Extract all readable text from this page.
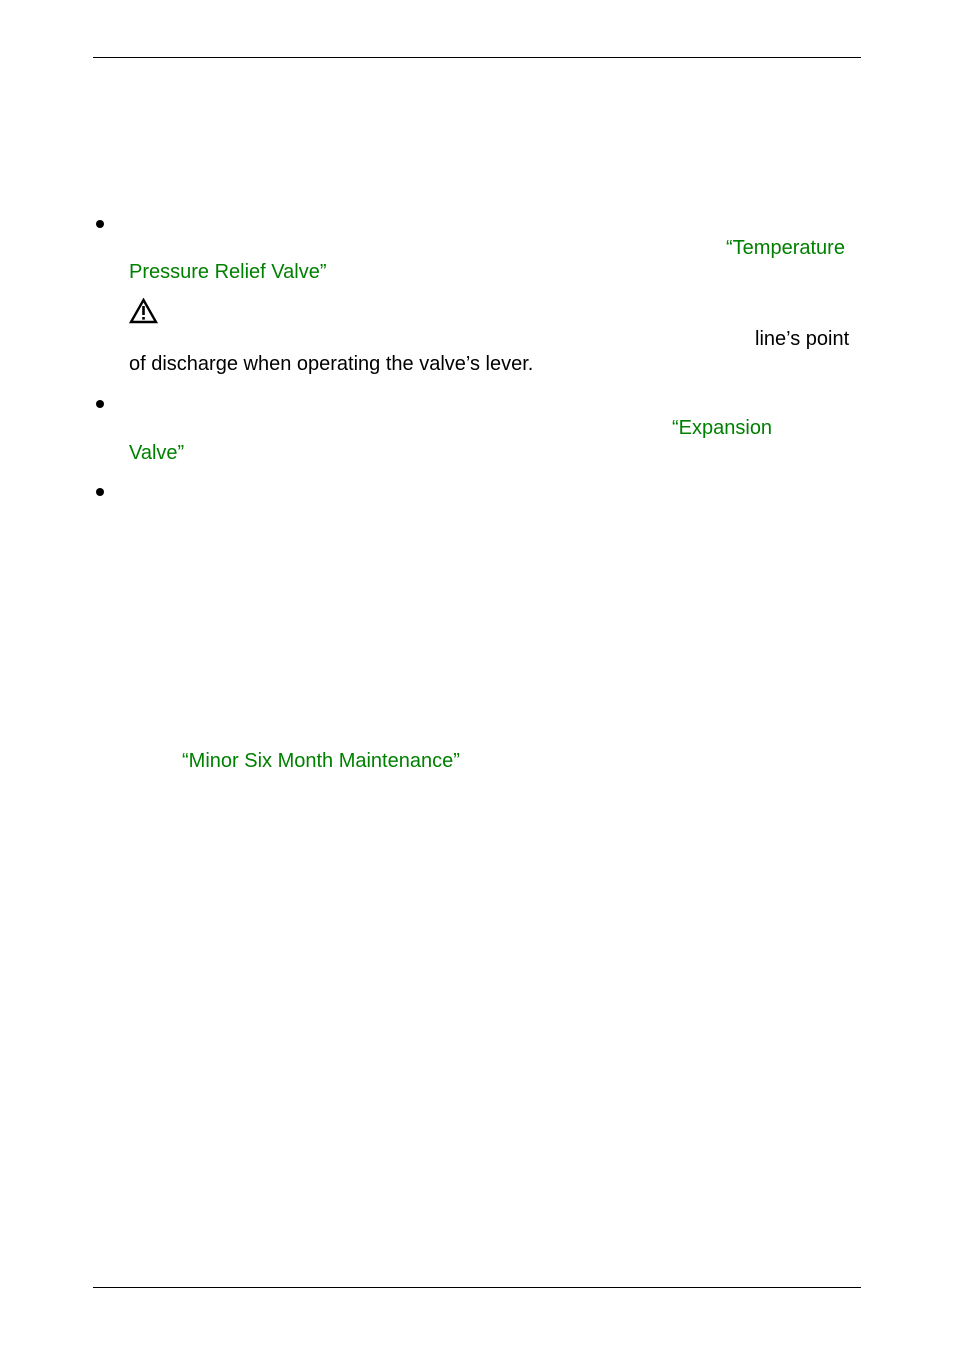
“Temperature
Pressure Relief Valve”
line’s point
of discharge when operating the valve’s lever.
“Expansion
Valve”
“Minor Six Month Maintenance”
